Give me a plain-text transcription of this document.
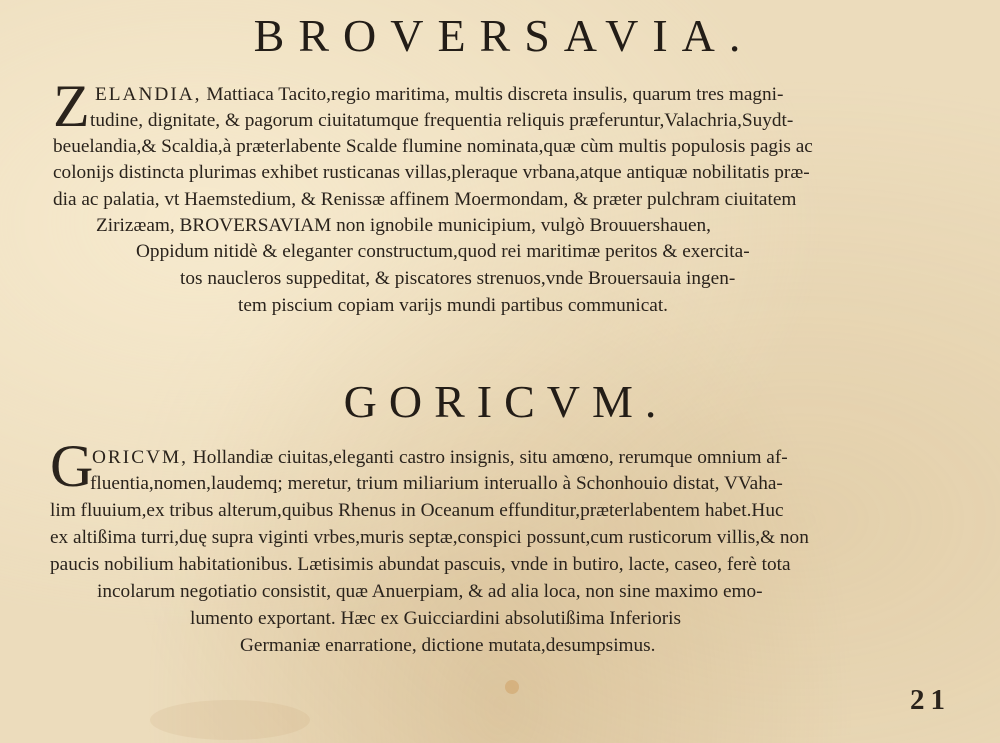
BROVERSAVIA.
Z ELANDIA, Mattiaca Tacito,regio maritima, multis discreta insulis, quarum tres magni-
tudine, dignitate, & pagorum ciuitatumque frequentia reliquis præferuntur,Valachria,Suydt-
beuelandia,& Scaldia,à præterlabente Scalde flumine nominata,quæ cùm multis populosis pagis ac
colonijs distincta plurimas exhibet rusticanas villas,pleraque vrbana,atque antiquæ nobilitatis præ-
dia ac palatia, vt Haemstedium, & Renissæ affinem Moermondam, & præter pulchram ciuitatem
Zirizæam, BROVERSAVIAM non ignobile municipium, vulgò Brouuershauen,
Oppidum nitidè & eleganter constructum,quod rei maritimæ peritos & exercita-
tos naucleros suppeditat, & piscatores strenuos,vnde Brouersauia ingen-
tem piscium copiam varijs mundi partibus communicat.
GORICVM.
G
ORICVM, Hollandiæ ciuitas,eleganti castro insignis, situ amœno, rerumque omnium af-
fluentia,nomen,laudemq; meretur, trium miliarium interuallo à Schonhouio distat, VVaha-
lim fluuium,ex tribus alterum,quibus Rhenus in Oceanum effunditur,præterlabentem habet.Huc
ex altißima turri,duę supra viginti vrbes,muris septæ,conspici possunt,cum rusticorum villis,& non
paucis nobilium habitationibus. Lætisimis abundat pascuis, vnde in butiro, lacte, caseo, ferè tota
incolarum negotiatio consistit, quæ Anuerpiam, & ad alia loca, non sine maximo emo-
lumento exportant. Hæc ex Guicciardini absolutißima Inferioris
Germaniæ enarratione, dictione mutata,desumpsimus.
21
